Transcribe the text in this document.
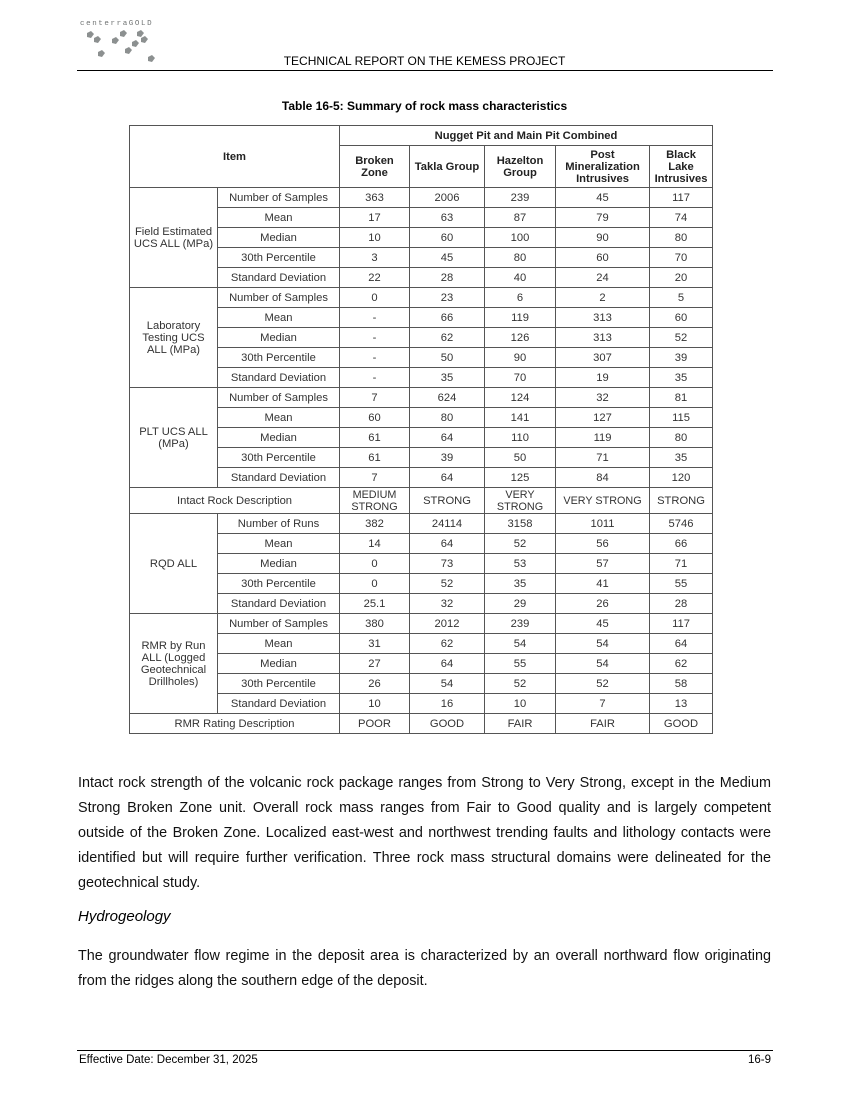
centerraGOLD
TECHNICAL REPORT ON THE KEMESS PROJECT
Table 16-5: Summary of rock mass characteristics
Item		Nugget Pit and Main Pit Combined				
		Broken Zone	Takla Group	Hazelton Group	Post Mineralization Intrusives	Black Lake Intrusives
Field Estimated UCS ALL (MPa)	Number of Samples	363	2006	239	45	117
	Mean	17	63	87	79	74
	Median	10	60	100	90	80
	30th Percentile	3	45	80	60	70
	Standard Deviation	22	28	40	24	20
Laboratory Testing UCS ALL (MPa)	Number of Samples	0	23	6	2	5
	Mean	-	66	119	313	60
	Median	-	62	126	313	52
	30th Percentile	-	50	90	307	39
	Standard Deviation	-	35	70	19	35
PLT UCS ALL (MPa)	Number of Samples	7	624	124	32	81
	Mean	60	80	141	127	115
	Median	61	64	110	119	80
	30th Percentile	61	39	50	71	35
	Standard Deviation	7	64	125	84	120
Intact Rock Description		MEDIUM STRONG	STRONG	VERY STRONG	VERY STRONG	STRONG
RQD ALL	Number of Runs	382	24114	3158	1011	5746
	Mean	14	64	52	56	66
	Median	0	73	53	57	71
	30th Percentile	0	52	35	41	55
	Standard Deviation	25.1	32	29	26	28
RMR by Run ALL (Logged Geotechnical Drillholes)	Number of Samples	380	2012	239	45	117
	Mean	31	62	54	54	64
	Median	27	64	55	54	62
	30th Percentile	26	54	52	52	58
	Standard Deviation	10	16	10	7	13
RMR Rating Description		POOR	GOOD	FAIR	FAIR	GOOD
Intact rock strength of the volcanic rock package ranges from Strong to Very Strong, except in the Medium Strong Broken Zone unit. Overall rock mass ranges from Fair to Good quality and is largely competent outside of the Broken Zone. Localized east-west and northwest trending faults and lithology contacts were identified but will require further verification. Three rock mass structural domains were delineated for the geotechnical study.
Hydrogeology
The groundwater flow regime in the deposit area is characterized by an overall northward flow originating from the ridges along the southern edge of the deposit.
Effective Date: December 31, 2025	16-9
